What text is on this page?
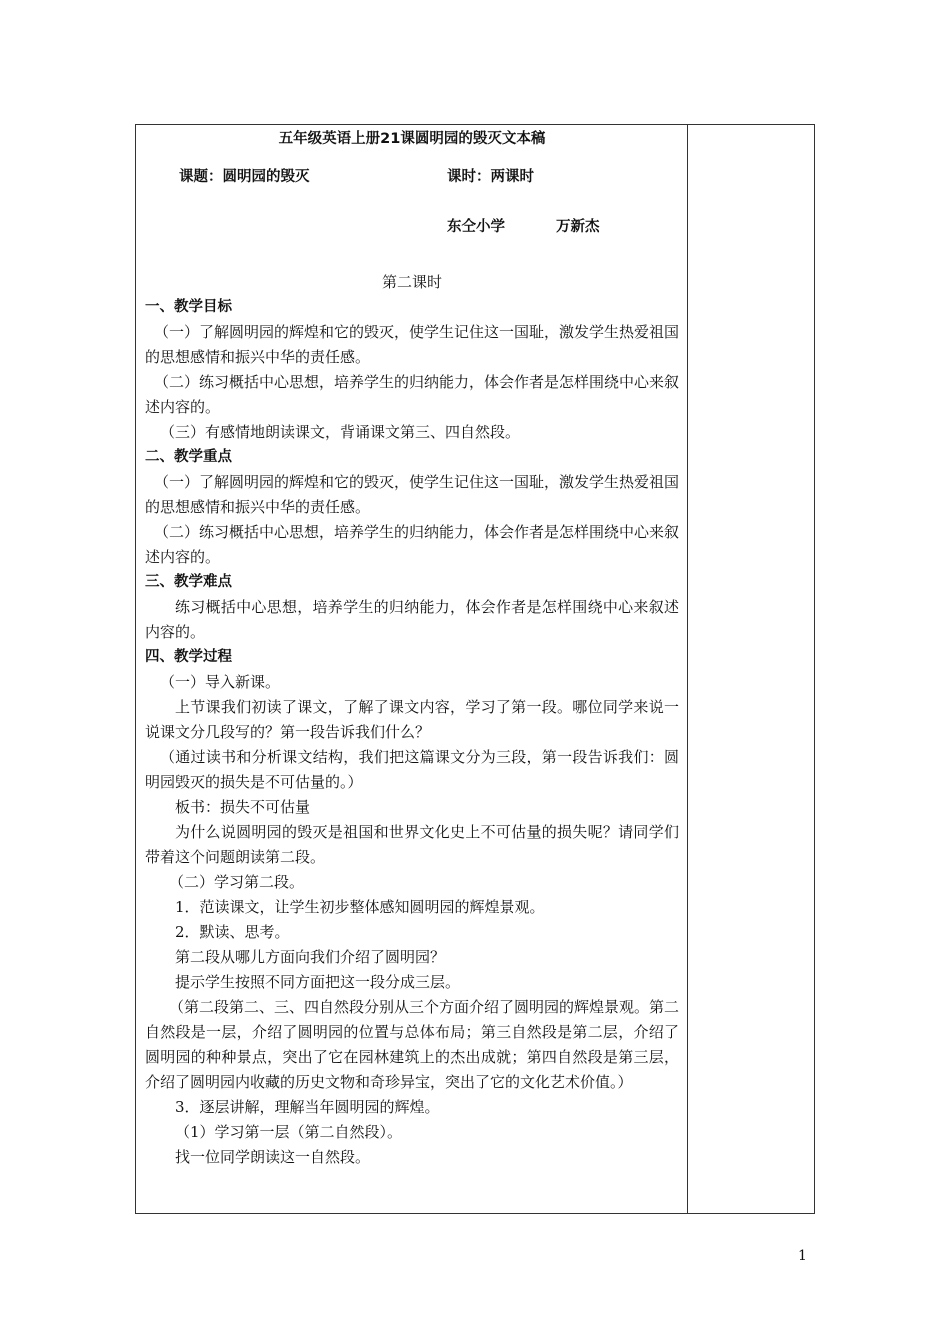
五年级英语上册21课圆明园的毁灭文本稿
课题：圆明园的毁灭	课时：两课时
东仝小学	万新杰
第二课时
一、教学目标

（一）了解圆明园的辉煌和它的毁灭，使学生记住这一国耻，激发学生热爱祖国的思想感情和振兴中华的责任感。

（二）练习概括中心思想，培养学生的归纳能力，体会作者是怎样围绕中心来叙述内容的。

（三）有感情地朗读课文，背诵课文第三、四自然段。

二、教学重点

（一）了解圆明园的辉煌和它的毁灭，使学生记住这一国耻，激发学生热爱祖国的思想感情和振兴中华的责任感。

（二）练习概括中心思想，培养学生的归纳能力，体会作者是怎样围绕中心来叙述内容的。

三、教学难点

练习概括中心思想，培养学生的归纳能力，体会作者是怎样围绕中心来叙述内容的。

四、教学过程

（一）导入新课。

上节课我们初读了课文，了解了课文内容，学习了第一段。哪位同学来说一说课文分几段写的？第一段告诉我们什么？

（通过读书和分析课文结构，我们把这篇课文分为三段，第一段告诉我们：圆明园毁灭的损失是不可估量的。）

板书：损失不可估量

为什么说圆明园的毁灭是祖国和世界文化史上不可估量的损失呢？请同学们带着这个问题朗读第二段。

（二）学习第二段。

1．范读课文，让学生初步整体感知圆明园的辉煌景观。

2．默读、思考。

第二段从哪儿方面向我们介绍了圆明园？

提示学生按照不同方面把这一段分成三层。

（第二段第二、三、四自然段分别从三个方面介绍了圆明园的辉煌景观。第二自然段是一层，介绍了圆明园的位置与总体布局；第三自然段是第二层，介绍了圆明园的种种景点，突出了它在园林建筑上的杰出成就；第四自然段是第三层，介绍了圆明园内收藏的历史文物和奇珍异宝，突出了它的文化艺术价值。）

3．逐层讲解，理解当年圆明园的辉煌。

（1）学习第一层（第二自然段）。

找一位同学朗读这一自然段。

1
